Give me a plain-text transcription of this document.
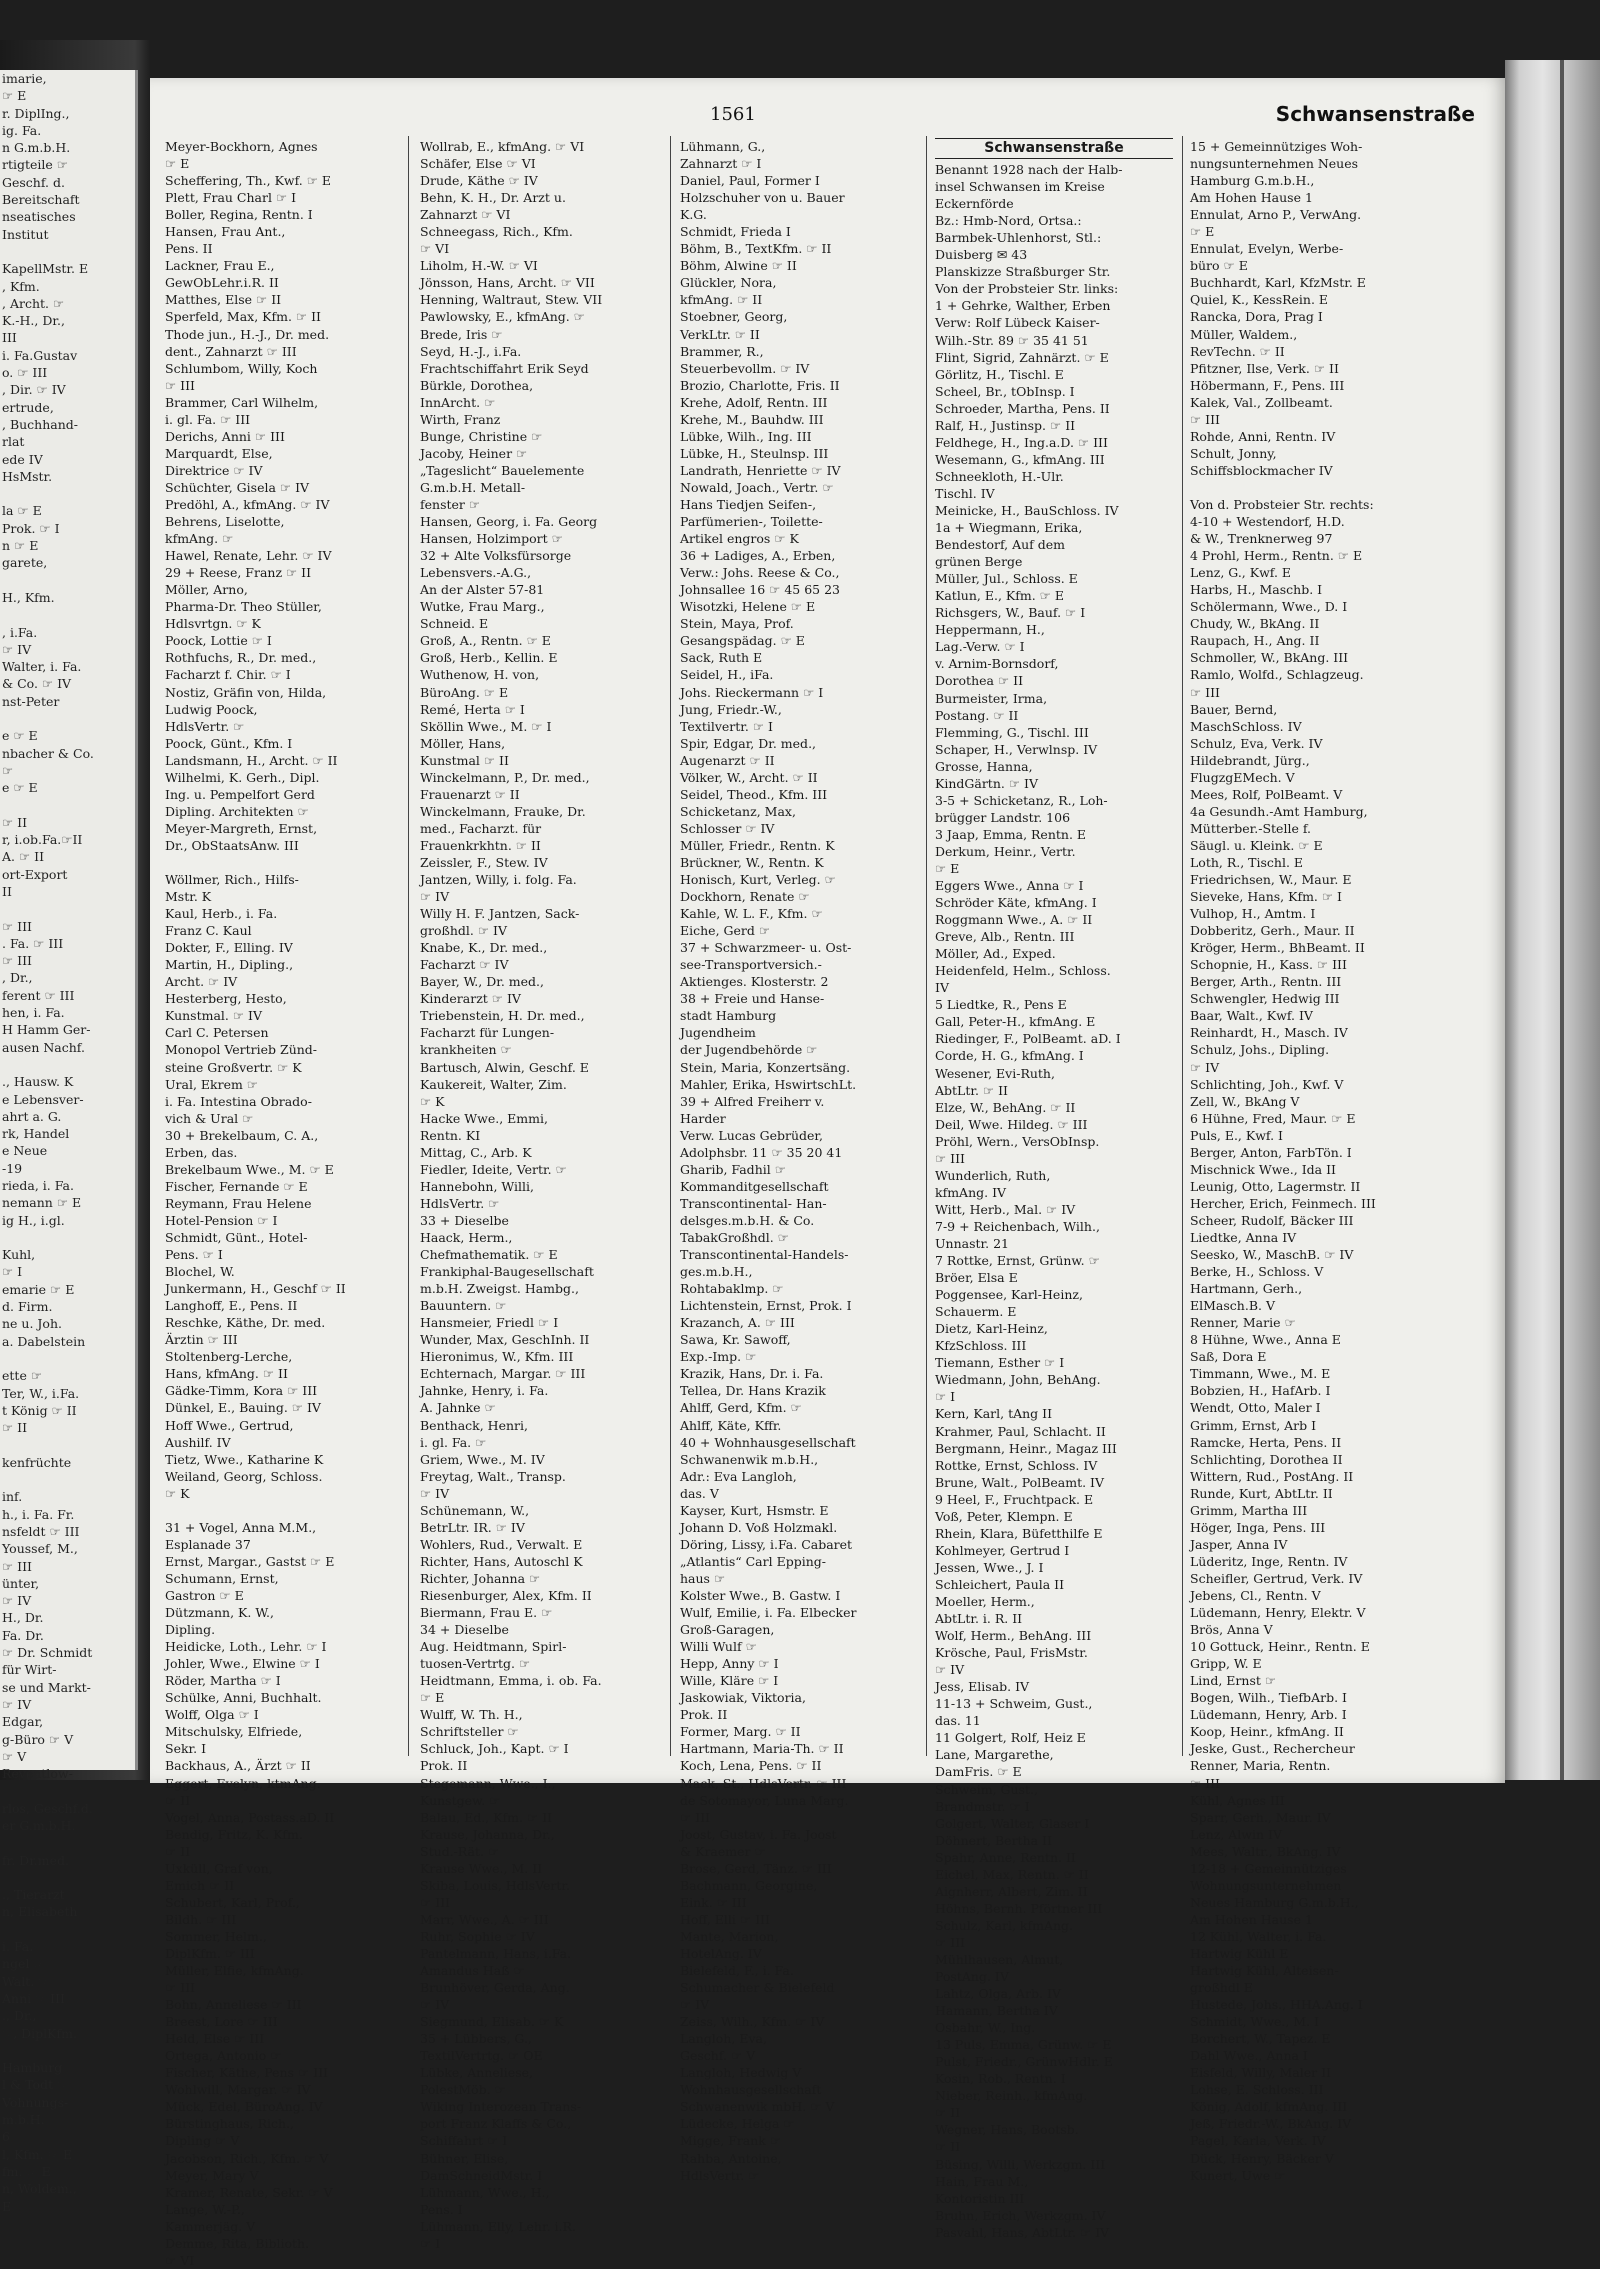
imarie,
☞ E
r. DiplIng.,
ig. Fa.
n G.m.b.H.
rtigteile ☞
Geschf. d.
Bereitschaft
nseatisches
Institut

KapellMstr. E
, Kfm.
, Archt. ☞
K.-H., Dr.,
III
i. Fa.Gustav
o. ☞ III
, Dir. ☞ IV
ertrude,
, Buchhand-
rlat
ede IV
HsMstr.

la ☞ E
Prok. ☞ I
n ☞ E
garete,

H., Kfm.

, i.Fa.
☞ IV
Walter, i. Fa.
& Co. ☞ IV
nst-Peter

e ☞ E
nbacher & Co.
☞
e ☞ E

☞ II
r, i.ob.Fa.☞II
A. ☞ II
ort-Export
II

☞ III
. Fa. ☞ III
☞ III
, Dr.,
ferent ☞ III
hen, i. Fa.
H Hamm Ger-
ausen Nachf.

., Hausw. K
e Lebensver-
ahrt a. G.
rk, Handel
e Neue
-19
rieda, i. Fa.
nemann ☞ E
ig H., i.gl.

Kuhl,
☞ I
emarie ☞ E
d. Firm.
ne u. Joh.
a. Dabelstein

ette ☞
Ter, W., i.Fa.
t König ☞ II
☞ II

kenfrüchte

inf.
h., i. Fa. Fr.
nsfeldt ☞ III
Youssef, M.,
☞ III
ünter,
☞ IV
H., Dr.
Fa. Dr.
☞ Dr. Schmidt
für Wirt-
se und Markt-
☞ IV
Edgar,
g-Büro ☞ V
☞ V
Reventlow-

rlos, Geschf.d.
er G.m.b.H.

fr. Dr.med.

., Tierarzt
n, Elisabeth

i. Fa.
ngel ☞
Walt. ☞
Anni ☞ III
., Dr.,
☞, DiplKfm.

Hamburg
l & Todt ☞
Vohnungs-
m.b.H.
6
l, Kfm. ☞ E
fm. ☞ E
n, Woldem.,
E
1561	Schwansenstraße
Meyer-Bockhorn, Agnes
☞ E
Scheffering, Th., Kwf. ☞ E
Plett, Frau Charl ☞ I
Boller, Regina, Rentn. I
Hansen, Frau Ant.,
Pens. II
Lackner, Frau E.,
GewObLehr.i.R. II
Matthes, Else ☞ II
Sperfeld, Max, Kfm. ☞ II
Thode jun., H.-J., Dr. med.
dent., Zahnarzt ☞ III
Schlumbom, Willy, Koch
☞ III
Brammer, Carl Wilhelm,
i. gl. Fa. ☞ III
Derichs, Anni ☞ III
Marquardt, Else,
Direktrice ☞ IV
Schüchter, Gisela ☞ IV
Predöhl, A., kfmAng. ☞ IV
Behrens, Liselotte,
kfmAng. ☞
Hawel, Renate, Lehr. ☞ IV
29 + Reese, Franz ☞ II
Möller, Arno,
Pharma-Dr. Theo Stüller,
Hdlsvrtgn. ☞ K
Poock, Lottie ☞ I
Rothfuchs, R., Dr. med.,
Facharzt f. Chir. ☞ I
Nostiz, Gräfin von, Hilda,
Ludwig Poock,
HdlsVertr. ☞
Poock, Günt., Kfm. I
Landsmann, H., Archt. ☞ II
Wilhelmi, K. Gerh., Dipl.
Ing. u. Pempelfort Gerd
Dipling. Architekten ☞
Meyer-Margreth, Ernst,
Dr., ObStaatsAnw. III

Wöllmer, Rich., Hilfs-
Mstr. K
Kaul, Herb., i. Fa.
Franz C. Kaul
Dokter, F., Elling. IV
Martin, H., Dipling.,
Archt. ☞ IV
Hesterberg, Hesto,
Kunstmal. ☞ IV
Carl C. Petersen
Monopol Vertrieb Zünd-
steine Großvertr. ☞ K
Ural, Ekrem ☞
i. Fa. Intestina Obrado-
vich & Ural ☞
30 + Brekelbaum, C. A.,
Erben, das.
Brekelbaum Wwe., M. ☞ E
Fischer, Fernande ☞ E
Reymann, Frau Helene
Hotel-Pension ☞ I
Schmidt, Günt., Hotel-
Pens. ☞ I
Blochel, W.
Junkermann, H., Geschf ☞ II
Langhoff, E., Pens. II
Reschke, Käthe, Dr. med.
Ärztin ☞ III
Stoltenberg-Lerche,
Hans, kfmAng. ☞ II
Gädke-Timm, Kora ☞ III
Dünkel, E., Bauing. ☞ IV
Hoff Wwe., Gertrud,
Aushilf. IV
Tietz, Wwe., Katharine K
Weiland, Georg, Schloss.
☞ K

31 + Vogel, Anna M.M.,
Esplanade 37
Ernst, Margar., Gastst ☞ E
Schumann, Ernst,
Gastron ☞ E
Dützmann, K. W.,
Dipling.
Heidicke, Loth., Lehr. ☞ I
Johler, Wwe., Elwine ☞ I
Röder, Martha ☞ I
Schülke, Anni, Buchhalt.
Wolff, Olga ☞ I
Mitschulsky, Elfriede,
Sekr. I
Backhaus, A., Ärzt ☞ II
Eggert, Evelyn, ktmAng.
☞ II
Vogel, Anna, Postass.aD. II
Bendig, Fritz, K. Kfm.
☞ II
Uxküll, Graf von,
Emich ☞ II
Schubert, Karl, Prof.,
Bildh. ☞ III
Sommer, Helm.,
DiplKfm. ☞ III
Müller, Elfie, kfmAng.
☞ III
Bohn, Anneliese ☞ III
Breest, Lore ☞ III
Held, Else ☞ III
Ortega, Antonio ☞
Fischer, Käthe, Pens ☞ III
Wohlwill, Margar. ☞ IV
Mück, Edel, BüroAng. IV
Bürstinghaus, Rich.,
Dipling ☞ V
Jacobson, Rich., Kfm. ☞ V
Meyer, Mary V
Kramer, Renate, Sekr. ☞ V
Lange, W.-P.,
Kammerjäg. V
Demme, Rita, Biblioth.
☞ VI
Wollrab, E., kfmAng. ☞ VI
Schäfer, Else ☞ VI
Drude, Käthe ☞ IV
Behn, K. H., Dr. Arzt u.
Zahnarzt ☞ VI
Schneegass, Rich., Kfm.
☞ VI
Liholm, H.-W. ☞ VI
Jönsson, Hans, Archt. ☞ VII
Henning, Waltraut, Stew. VII
Pawlowsky, E., kfmAng. ☞
Brede, Iris ☞
Seyd, H.-J., i.Fa.
Frachtschiffahrt Erik Seyd
Bürkle, Dorothea,
InnArcht. ☞
Wirth, Franz
Bunge, Christine ☞
Jacoby, Heiner ☞
„Tageslicht“ Bauelemente
G.m.b.H. Metall-
fenster ☞
Hansen, Georg, i. Fa. Georg
Hansen, Holzimport ☞
32 + Alte Volksfürsorge
Lebensvers.-A.G.,
An der Alster 57-81
Wutke, Frau Marg.,
Schneid. E
Groß, A., Rentn. ☞ E
Groß, Herb., Kellin. E
Wuthenow, H. von,
BüroAng. ☞ E
Remé, Herta ☞ I
Sköllin Wwe., M. ☞ I
Möller, Hans,
Kunstmal ☞ II
Winckelmann, P., Dr. med.,
Frauenarzt ☞ II
Winckelmann, Frauke, Dr.
med., Facharzt. für
Frauenkrkhtn. ☞ II
Zeissler, F., Stew. IV
Jantzen, Willy, i. folg. Fa.
☞ IV
Willy H. F. Jantzen, Sack-
großhdl. ☞ IV
Knabe, K., Dr. med.,
Facharzt ☞ IV
Bayer, W., Dr. med.,
Kinderarzt ☞ IV
Triebenstein, H. Dr. med.,
Facharzt für Lungen-
krankheiten ☞
Bartusch, Alwin, Geschf. E
Kaukereit, Walter, Zim.
☞ K
Hacke Wwe., Emmi,
Rentn. KI
Mittag, C., Arb. K
Fiedler, Ideite, Vertr. ☞
Hannebohn, Willi,
HdlsVertr. ☞
33 + Dieselbe
Haack, Herm.,
Chefmathematik. ☞ E
Frankiphal-Baugesellschaft
m.b.H. Zweigst. Hambg.,
Bauuntern. ☞
Hansmeier, Friedl ☞ I
Wunder, Max, GeschInh. II
Hieronimus, W., Kfm. III
Echternach, Margar. ☞ III
Jahnke, Henry, i. Fa.
A. Jahnke ☞
Benthack, Henri,
i. gl. Fa. ☞
Griem, Wwe., M. IV
Freytag, Walt., Transp.
☞ IV
Schünemann, W.,
BetrLtr. IR. ☞ IV
Wohlers, Rud., Verwalt. E
Richter, Hans, Autoschl K
Richter, Johanna ☞
Riesenburger, Alex, Kfm. II
Biermann, Frau E. ☞
34 + Dieselbe
Aug. Heidtmann, Spirl-
tuosen-Vertrtg. ☞
Heidtmann, Emma, i. ob. Fa.
☞ E
Wulff, W. Th. H.,
Schriftsteller ☞
Schluck, Joh., Kapt. ☞ I
Prok. II
Stegemann, Wwe., I.,
Kunstgew. ☞
Balau, Ed., Kfm. ☞ II
Krause, Johanna, Dr.,
Stud.-Rät. ☞
Krause Wwe., M. II
Skiba, Louis, HdlsVertr.
☞ III
Marr, Wwe., A. ☞ III
Ruhr, Sophie ☞ IV
Pantelmann, Hans, i.Fa.
Amandus Haß ☞
Brunhöver, Gerda, Ang.
☞ IV
Siegmund, Elisab. ☞ K
35 + Lübbers, G.,
TextilVertrtg. ☞ OE
Lübke, Anneliese,
PolestMöb. ☞
Wiking Interozean Trans-
port Franz Klaffs & Co.,
Schiffahrt ☞ I
Bühner, Elise,
DamSchneidMstr. I
Lühmann, Wwe., H.,
Pens. I
Lühmann, Elly, Lehr. i.R.
☞ I
Lühmann, G.,
Zahnarzt ☞ I
Daniel, Paul, Former I
Holzschuher von u. Bauer
K.G.
Schmidt, Frieda I
Böhm, B., TextKfm. ☞ II
Böhm, Alwine ☞ II
Glückler, Nora,
kfmAng. ☞ II
Stoebner, Georg,
VerkLtr. ☞ II
Brammer, R.,
Steuerbevollm. ☞ IV
Brozio, Charlotte, Fris. II
Krehe, Adolf, Rentn. III
Krehe, M., Bauhdw. III
Lübke, Wilh., Ing. III
Lübke, H., Steulnsp. III
Landrath, Henriette ☞ IV
Nowald, Joach., Vertr. ☞
Hans Tiedjen Seifen-,
Parfümerien-, Toilette-
Artikel engros ☞ K
36 + Ladiges, A., Erben,
Verw.: Johs. Reese & Co.,
Johnsallee 16 ☞ 45 65 23
Wisotzki, Helene ☞ E
Stein, Maya, Prof.
Gesangspädag. ☞ E
Sack, Ruth E
Seidel, H., iFa.
Johs. Rieckermann ☞ I
Jung, Friedr.-W.,
Textilvertr. ☞ I
Spir, Edgar, Dr. med.,
Augenarzt ☞ II
Völker, W., Archt. ☞ II
Seidel, Theod., Kfm. III
Schicketanz, Max,
Schlosser ☞ IV
Müller, Friedr., Rentn. K
Brückner, W., Rentn. K
Honisch, Kurt, Verleg. ☞
Dockhorn, Renate ☞
Kahle, W. L. F., Kfm. ☞
Eiche, Gerd ☞
37 + Schwarzmeer- u. Ost-
see-Transportversich.-
Aktienges. Klosterstr. 2
38 + Freie und Hanse-
stadt Hamburg
Jugendheim
der Jugendbehörde ☞
Stein, Maria, Konzertsäng.
Mahler, Erika, HswirtschLt.
39 + Alfred Freiherr v.
Harder
Verw. Lucas Gebrüder,
Adolphsbr. 11 ☞ 35 20 41
Gharib, Fadhil ☞
Kommanditgesellschaft
Transcontinental- Han-
delsges.m.b.H. & Co.
TabakGroßhdl. ☞
Transcontinental-Handels-
ges.m.b.H.,
Rohtabaklmp. ☞
Lichtenstein, Ernst, Prok. I
Krazanch, A. ☞ III
Sawa, Kr. Sawoff,
Exp.-Imp. ☞
Krazik, Hans, Dr. i. Fa.
Tellea, Dr. Hans Krazik
Ahlff, Gerd, Kfm. ☞
Ahlff, Käte, Kffr.
40 + Wohnhausgesellschaft
Schwanenwik m.b.H.,
Adr.: Eva Langloh,
das. V
Kayser, Kurt, Hsmstr. E
Johann D. Voß Holzmakl.
Döring, Lissy, i.Fa. Cabaret
„Atlantis“ Carl Epping-
haus ☞
Kolster Wwe., B. Gastw. I
Wulf, Emilie, i. Fa. Elbecker
Groß-Garagen,
Willi Wulf ☞
Hepp, Anny ☞ I
Wille, Kläre ☞ I
Jaskowiak, Viktoria,
Prok. II
Former, Marg. ☞ II
Hartmann, Maria-Th. ☞ II
Koch, Lena, Pens. ☞ II
Mack, St., HdlsVertr. ☞ III
de Sotomayor, Luna Marg.
☞ III
Joost, Gustav, i. Fa. Joost
& Kraemer ☞
Brose, Gerd, Tänz. ☞ III
Bachmann, Georgine,
Eink. ☞ III
Hoff, Elli ☞ III
Mante, Marion,
HotelAng. IV
Bielefeld, F., i. Fa.
Schumacher & Bielefeld
☞ IV
Zeiss, Wilh., Kfm. ☞ IV
Langloh, Eva,
Geschf. ☞ V
Langloh, Hedwig V
Wohnhausgesellschaft
Schwanenwik mbH. ☞ V
Lüdecke, Helga ☞
Migge, Frank ☞
Rahba, Antoine,
HdlsVertr. ☞
Schwansenstraße
Benannt 1928 nach der Halb-
insel Schwansen im Kreise
Eckernförde
Bz.: Hmb-Nord, Ortsa.:
Barmbek-Uhlenhorst, Stl.:
Duisberg ✉ 43
Planskizze Straßburger Str.
Von der Probsteier Str. links:
1 + Gehrke, Walther, Erben
Verw: Rolf Lübeck Kaiser-
Wilh.-Str. 89 ☞ 35 41 51
Flint, Sigrid, Zahnärzt. ☞ E
Görlitz, H., Tischl. E
Scheel, Br., tObInsp. I
Schroeder, Martha, Pens. II
Ralf, H., Justinsp. ☞ II
Feldhege, H., Ing.a.D. ☞ III
Wesemann, G., kfmAng. III
Schneekloth, H.-Ulr.
Tischl. IV
Meinicke, H., BauSchloss. IV
1a + Wiegmann, Erika,
Bendestorf, Auf dem
grünen Berge
Müller, Jul., Schloss. E
Katlun, E., Kfm. ☞ E
Richsgers, W., Bauf. ☞ I
Heppermann, H.,
Lag.-Verw. ☞ I
v. Arnim-Bornsdorf,
Dorothea ☞ II
Burmeister, Irma,
Postang. ☞ II
Flemming, G., Tischl. III
Schaper, H., Verwlnsp. IV
Grosse, Hanna,
KindGärtn. ☞ IV
3-5 + Schicketanz, R., Loh-
brügger Landstr. 106
3 Jaap, Emma, Rentn. E
Derkum, Heinr., Vertr.
☞ E
Eggers Wwe., Anna ☞ I
Schröder Käte, kfmAng. I
Roggmann Wwe., A. ☞ II
Greve, Alb., Rentn. III
Möller, Ad., Exped.
Heidenfeld, Helm., Schloss.
IV
5 Liedtke, R., Pens E
Gall, Peter-H., kfmAng. E
Riedinger, F., PolBeamt. aD. I
Corde, H. G., kfmAng. I
Wesener, Evi-Ruth,
AbtLtr. ☞ II
Elze, W., BehAng. ☞ II
Deil, Wwe. Hildeg. ☞ III
Pröhl, Wern., VersObInsp.
☞ III
Wunderlich, Ruth,
kfmAng. IV
Witt, Herb., Mal. ☞ IV
7-9 + Reichenbach, Wilh.,
Unnastr. 21
7 Rottke, Ernst, Grünw. ☞
Bröer, Elsa E
Poggensee, Karl-Heinz,
Schauerm. E
Dietz, Karl-Heinz,
KfzSchloss. III
Tiemann, Esther ☞ I
Wiedmann, John, BehAng.
☞ I
Kern, Karl, tAng II
Krahmer, Paul, Schlacht. II
Bergmann, Heinr., Magaz III
Rottke, Ernst, Schloss. IV
Brune, Walt., PolBeamt. IV
9 Heel, F., Fruchtpack. E
Voß, Peter, Klempn. E
Rhein, Klara, Büfetthilfe E
Kohlmeyer, Gertrud I
Jessen, Wwe., J. I
Schleichert, Paula II
Moeller, Herm.,
AbtLtr. i. R. II
Wolf, Herm., BehAng. III
Krösche, Paul, FrisMstr.
☞ IV
Jess, Elisab. IV
11-13 + Schweim, Gust.,
das. 11
11 Golgert, Rolf, Heiz E
Lane, Margarethe,
DamFris. ☞ E
Schweim, Gust.,
Brandmstr. ☞ I
Golgert, Walter, Glaser I
Döhnert, Bertha II
Spahr, Anne, Rentn. II
Eichel, Max, Rentn. ☞ II
Aignherr, Albert, Zim. II
Höhns, Bernh. Pförtner III
Schulz, Karl, kfmAng.
☞ III
Mühlhausen, Almut,
PostAng. IV
Lahtz, Olga, Arb. IV
Hamann, Bertha IV
Osbahr, W., Ing.
13 Puls, Emma, Grünw. ☞ E
Pulst, Friedr., GrünwHdlr. E
Kosin, Rob., Rentn. I
Nieber, Reinh., kfmAng.
☞ II
Wegner, Hans, Bootsb.
☞ II
Büsing, Willi, Werkzgm. III
Hain, Frau M.,
Kontoristin III
Bruhn, Erich, Werkzgm. IV
Pasvahl, Hans, AbtLtr. ☞ IV
15 + Gemeinnütziges Woh-
nungsunternehmen Neues
Hamburg G.m.b.H.,
Am Hohen Hause 1
Ennulat, Arno P., VerwAng.
☞ E
Ennulat, Evelyn, Werbe-
büro ☞ E
Buchhardt, Karl, KfzMstr. E
Quiel, K., KessRein. E
Rancka, Dora, Prag I
Müller, Waldem.,
RevTechn. ☞ II
Pfitzner, Ilse, Verk. ☞ II
Höbermann, F., Pens. III
Kalek, Val., Zollbeamt.
☞ III
Rohde, Anni, Rentn. IV
Schult, Jonny,
Schiffsblockmacher IV

Von d. Probsteier Str. rechts:
4-10 + Westendorf, H.D.
& W., Trenknerweg 97
4 Prohl, Herm., Rentn. ☞ E
Lenz, G., Kwf. E
Harbs, H., Maschb. I
Schölermann, Wwe., D. I
Chudy, W., BkAng. II
Raupach, H., Ang. II
Schmoller, W., BkAng. III
Ramlo, Wolfd., Schlagzeug.
☞ III
Bauer, Bernd,
MaschSchloss. IV
Schulz, Eva, Verk. IV
Hildebrandt, Jürg.,
FlugzgEMech. V
Mees, Rolf, PolBeamt. V
4a Gesundh.-Amt Hamburg,
Mütterber.-Stelle f.
Säugl. u. Kleink. ☞ E
Loth, R., Tischl. E
Friedrichsen, W., Maur. E
Sieveke, Hans, Kfm. ☞ I
Vulhop, H., Amtm. I
Dobberitz, Gerh., Maur. II
Kröger, Herm., BhBeamt. II
Schopnie, H., Kass. ☞ III
Berger, Arth., Rentn. III
Schwengler, Hedwig III
Baar, Walt., Kwf. IV
Reinhardt, H., Masch. IV
Schulz, Johs., Dipling.
☞ IV
Schlichting, Joh., Kwf. V
Zell, W., BkAng V
6 Hühne, Fred, Maur. ☞ E
Puls, E., Kwf. I
Berger, Anton, FarbTön. I
Mischnick Wwe., Ida II
Leunig, Otto, Lagermstr. II
Hercher, Erich, Feinmech. III
Scheer, Rudolf, Bäcker III
Liedtke, Anna IV
Seesko, W., MaschB. ☞ IV
Berke, H., Schloss. V
Hartmann, Gerh.,
ElMasch.B. V
Renner, Marie ☞
8 Hühne, Wwe., Anna E
Saß, Dora E
Timmann, Wwe., M. E
Bobzien, H., HafArb. I
Wendt, Otto, Maler I
Grimm, Ernst, Arb I
Ramcke, Herta, Pens. II
Schlichting, Dorothea II
Wittern, Rud., PostAng. II
Runde, Kurt, AbtLtr. II
Grimm, Martha III
Höger, Inga, Pens. III
Jasper, Anna IV
Lüderitz, Inge, Rentn. IV
Scheifler, Gertrud, Verk. IV
Jebens, Cl., Rentn. V
Lüdemann, Henry, Elektr. V
Brös, Anna V
10 Gottuck, Heinr., Rentn. E
Gripp, W. E
Lind, Ernst ☞
Bogen, Wilh., TiefbArb. I
Lüdemann, Henry, Arb. I
Koop, Heinr., kfmAng. II
Jeske, Gust., Rechercheur
Renner, Maria, Rentn.
☞ III
Kühl, Agnes III
Sparr, Gerh., Maur. IV
Lenz, Alwin IV
Mees, Waltr., BkAng. IV
12-18 + Gemeinnütziges
Wohnungsunternehmen
Neues Hamburg G.m.b.H.,
Am Hohen Hause 1
12 Kühl, Walter, i. Fa.
Hartwig Kühl E
Hartwig Kühl, Alteisen-
großhdl E
Hustede, Johs., HHA.Ang. I
Schmidt, Wwe., M. I
Borchert, W., Tapez. E
Dahl Wwe., Anna I
Eisfeld, Willy, Maler II
Lohse, E. Schloss. III
König, Adolf, kfmAng. III
Jeß, Friedr.-W., BkAng. IV
Pagel, Karla, Verk. IV
Dück, Henry, Bäcker V
Kunert, Uwe ☞
